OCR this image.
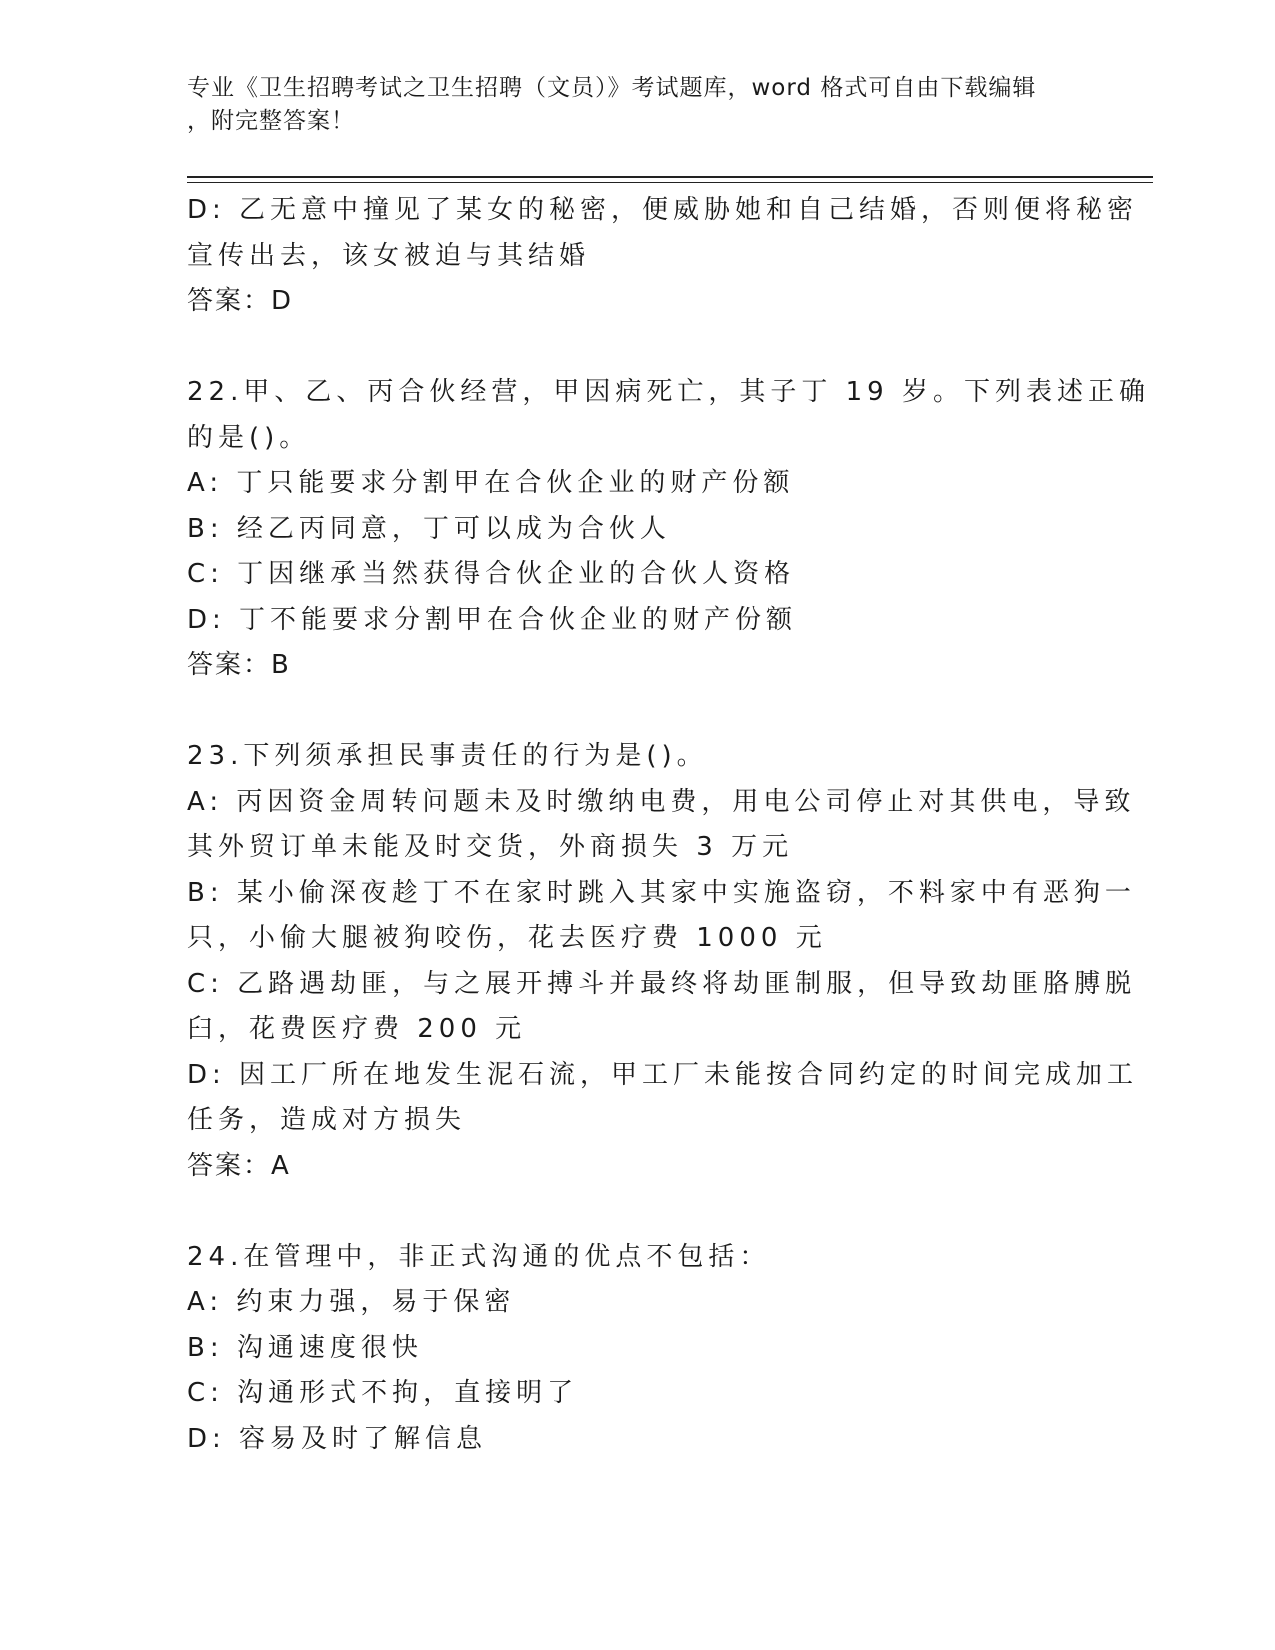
专业《卫生招聘考试之卫生招聘（文员）》考试题库，word 格式可自由下载编辑
，附完整答案！
D: 乙无意中撞见了某女的秘密，便威胁她和自己结婚，否则便将秘密
宣传出去，该女被迫与其结婚
答案：D
22.甲、乙、丙合伙经营，甲因病死亡，其子丁 19 岁。下列表述正确
的是()。
A: 丁只能要求分割甲在合伙企业的财产份额
B: 经乙丙同意，丁可以成为合伙人
C: 丁因继承当然获得合伙企业的合伙人资格
D: 丁不能要求分割甲在合伙企业的财产份额
答案：B
23.下列须承担民事责任的行为是()。
A: 丙因资金周转问题未及时缴纳电费，用电公司停止对其供电，导致
其外贸订单未能及时交货，外商损失 3 万元
B: 某小偷深夜趁丁不在家时跳入其家中实施盗窃，不料家中有恶狗一
只，小偷大腿被狗咬伤，花去医疗费 1000 元
C: 乙路遇劫匪，与之展开搏斗并最终将劫匪制服，但导致劫匪胳膊脱
臼，花费医疗费 200 元
D: 因工厂所在地发生泥石流，甲工厂未能按合同约定的时间完成加工
任务，造成对方损失
答案：A
24.在管理中，非正式沟通的优点不包括：
A: 约束力强，易于保密
B: 沟通速度很快
C: 沟通形式不拘，直接明了
D: 容易及时了解信息
